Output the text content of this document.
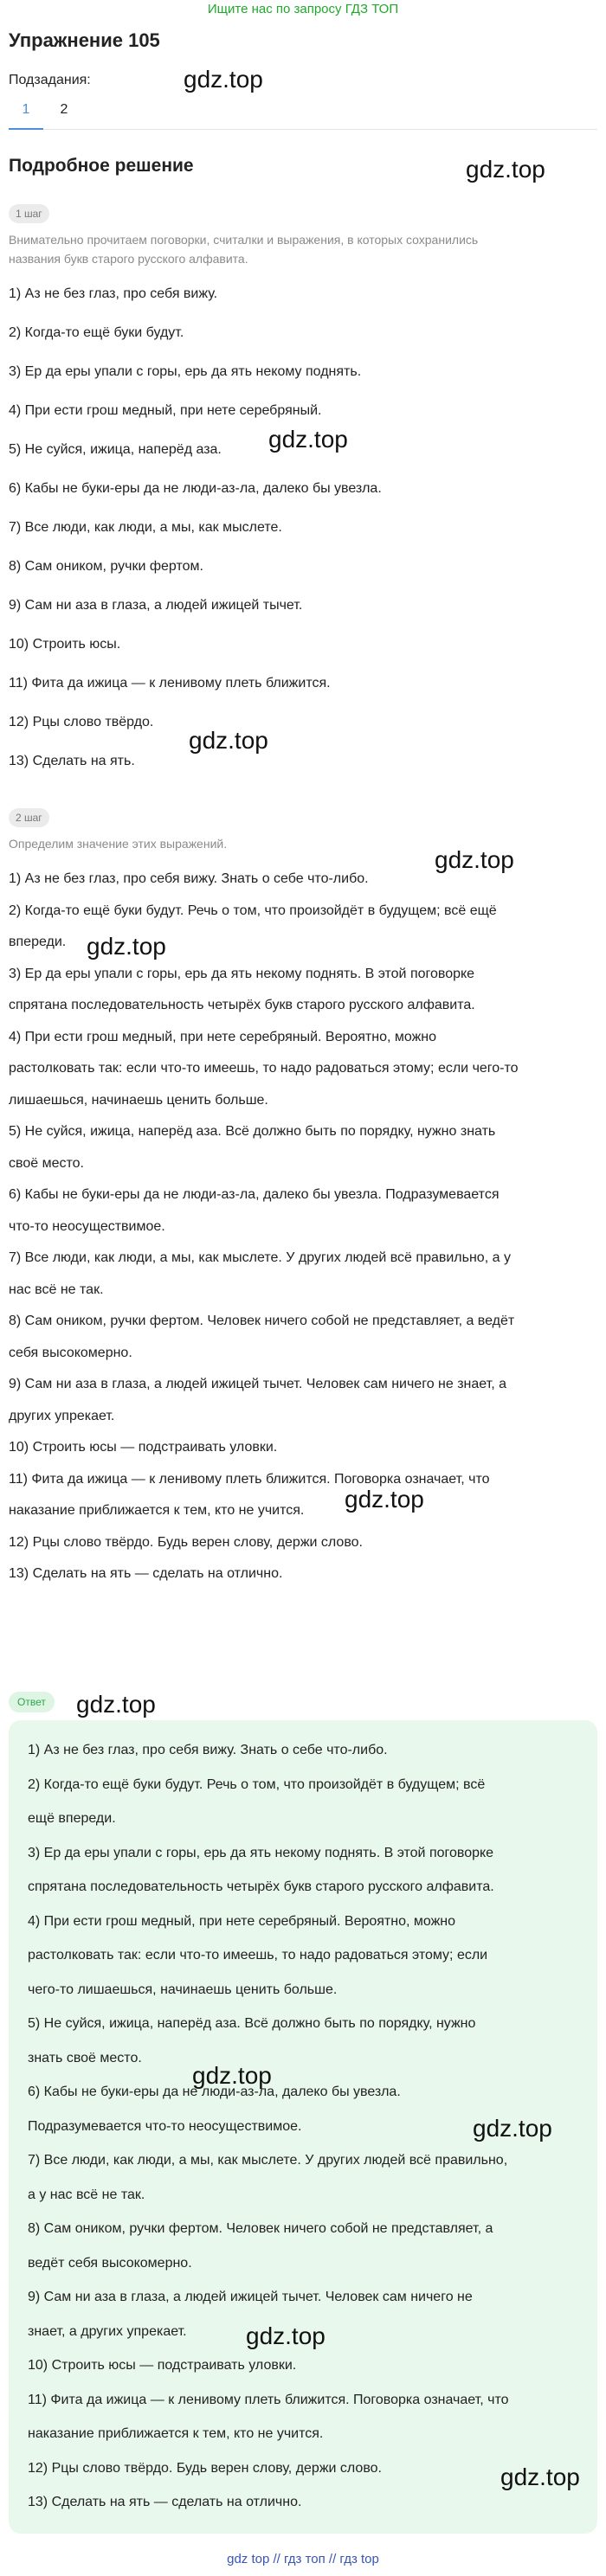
Ищите нас по запросу ГДЗ ТОП
Упражнение 105
Подзадания:
1	2
Подробное решение
1 шаг
Внимательно прочитаем поговорки, считалки и выражения, в которых сохранились
названия букв старого русского алфавита.
1) Аз не без глаз, про себя вижу.
2) Когда-то ещё буки будут.
3) Ер да еры упали с горы, ерь да ять некому поднять.
4) При ести грош медный, при нете серебряный.
5) Не суйся, ижица, наперёд аза.
6) Кабы не буки-еры да не люди-аз-ла, далеко бы увезла.
7) Все люди, как люди, а мы, как мыслете.
8) Сам оником, ручки фертом.
9) Сам ни аза в глаза, а людей ижицей тычет.
10) Строить юсы.
11) Фита да ижица — к ленивому плеть ближится.
12) Рцы слово твёрдо.
13) Сделать на ять.
2 шаг
Определим значение этих выражений.
1) Аз не без глаз, про себя вижу. Знать о себе что-либо.
2) Когда-то ещё буки будут. Речь о том, что произойдёт в будущем; всё ещё
впереди.
3) Ер да еры упали с горы, ерь да ять некому поднять. В этой поговорке
спрятана последовательность четырёх букв старого русского алфавита.
4) При ести грош медный, при нете серебряный. Вероятно, можно
растолковать так: если что-то имеешь, то надо радоваться этому; если чего-то
лишаешься, начинаешь ценить больше.
5) Не суйся, ижица, наперёд аза. Всё должно быть по порядку, нужно знать
своё место.
6) Кабы не буки-еры да не люди-аз-ла, далеко бы увезла. Подразумевается
что-то неосуществимое.
7) Все люди, как люди, а мы, как мыслете. У других людей всё правильно, а у
нас всё не так.
8) Сам оником, ручки фертом. Человек ничего собой не представляет, а ведёт
себя высокомерно.
9) Сам ни аза в глаза, а людей ижицей тычет. Человек сам ничего не знает, а
других упрекает.
10) Строить юсы — подстраивать уловки.
11) Фита да ижица — к ленивому плеть ближится. Поговорка означает, что
наказание приближается к тем, кто не учится.
12) Рцы слово твёрдо. Будь верен слову, держи слово.
13) Сделать на ять — сделать на отлично.
Ответ
1) Аз не без глаз, про себя вижу. Знать о себе что-либо.
2) Когда-то ещё буки будут. Речь о том, что произойдёт в будущем; всё
ещё впереди.
3) Ер да еры упали с горы, ерь да ять некому поднять. В этой поговорке
спрятана последовательность четырёх букв старого русского алфавита.
4) При ести грош медный, при нете серебряный. Вероятно, можно
растолковать так: если что-то имеешь, то надо радоваться этому; если
чего-то лишаешься, начинаешь ценить больше.
5) Не суйся, ижица, наперёд аза. Всё должно быть по порядку, нужно
знать своё место.
6) Кабы не буки-еры да не люди-аз-ла, далеко бы увезла.
Подразумевается что-то неосуществимое.
7) Все люди, как люди, а мы, как мыслете. У других людей всё правильно,
а у нас всё не так.
8) Сам оником, ручки фертом. Человек ничего собой не представляет, а
ведёт себя высокомерно.
9) Сам ни аза в глаза, а людей ижицей тычет. Человек сам ничего не
знает, а других упрекает.
10) Строить юсы — подстраивать уловки.
11) Фита да ижица — к ленивому плеть ближится. Поговорка означает, что
наказание приближается к тем, кто не учится.
12) Рцы слово твёрдо. Будь верен слову, держи слово.
13) Сделать на ять — сделать на отлично.
gdz.top
gdz.top
gdz.top
gdz.top
gdz.top
gdz.top
gdz.top
gdz.top
gdz.top
gdz.top
gdz.top
gdz.top
gdz top // гдз топ // гдз top
